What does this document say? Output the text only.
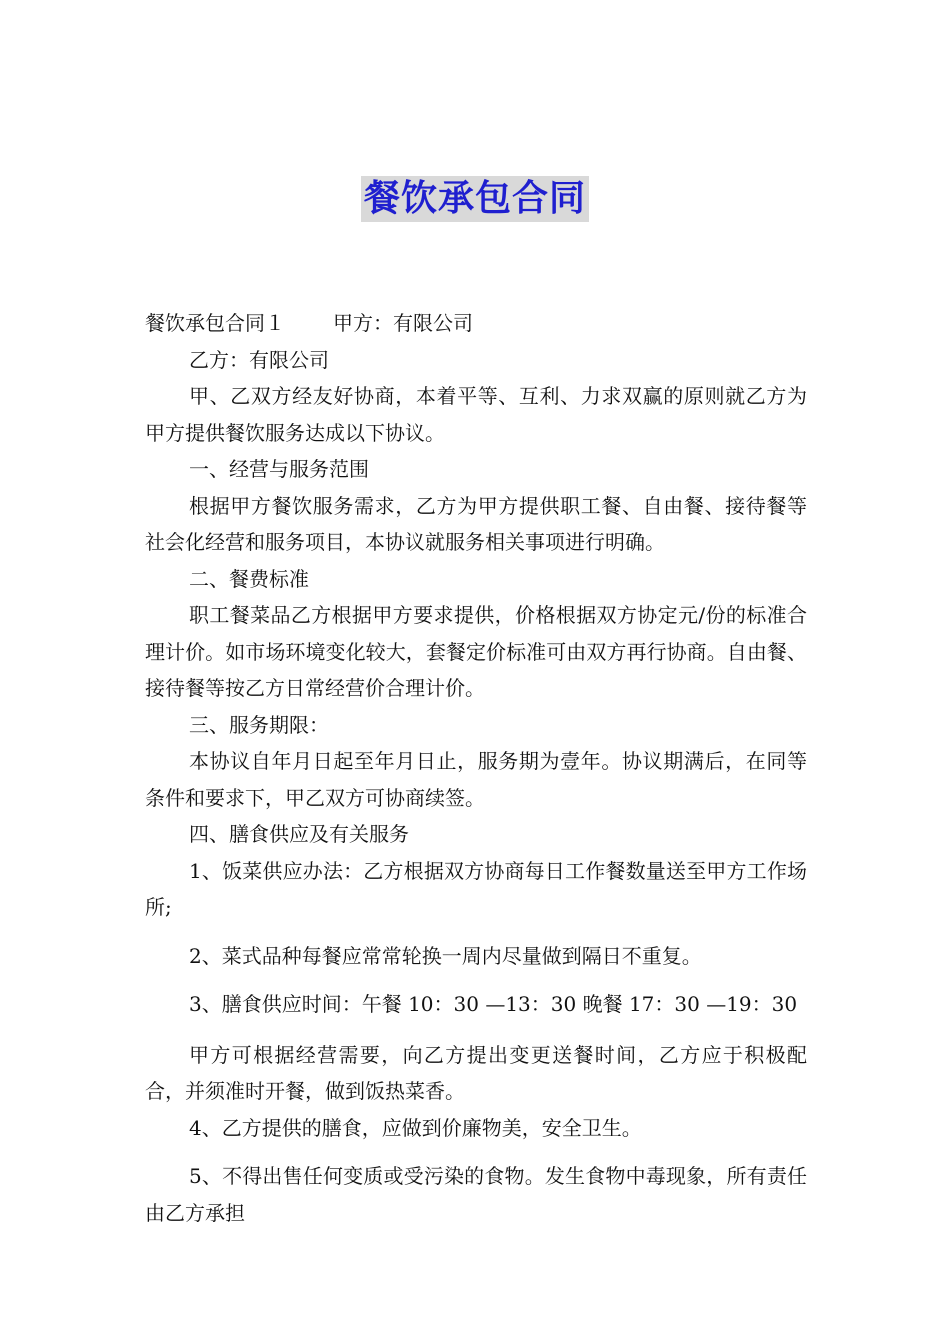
餐饮承包合同

餐饮承包合同１ 甲方：有限公司

乙方：有限公司

甲、乙双方经友好协商，本着平等、互利、力求双赢的原则就乙方为甲方提供餐饮服务达成以下协议。

一、经营与服务范围

根据甲方餐饮服务需求，乙方为甲方提供职工餐、自由餐、接待餐等社会化经营和服务项目，本协议就服务相关事项进行明确。

二、餐费标准

职工餐菜品乙方根据甲方要求提供，价格根据双方协定元/份的标准合理计价。如市场环境变化较大，套餐定价标准可由双方再行协商。自由餐、接待餐等按乙方日常经营价合理计价。

三、服务期限：

本协议自年月日起至年月日止，服务期为壹年。协议期满后，在同等条件和要求下，甲乙双方可协商续签。

四、膳食供应及有关服务

1、饭菜供应办法：乙方根据双方协商每日工作餐数量送至甲方工作场所;

2、菜式品种每餐应常常轮换一周内尽量做到隔日不重复。

3、膳食供应时间：午餐 10：30 —13：30 晚餐 17：30 —19：30

甲方可根据经营需要，向乙方提出变更送餐时间，乙方应于积极配合，并须准时开餐，做到饭热菜香。

4、乙方提供的膳食，应做到价廉物美，安全卫生。

5、不得出售任何变质或受污染的食物。发生食物中毒现象，所有责任由乙方承担
